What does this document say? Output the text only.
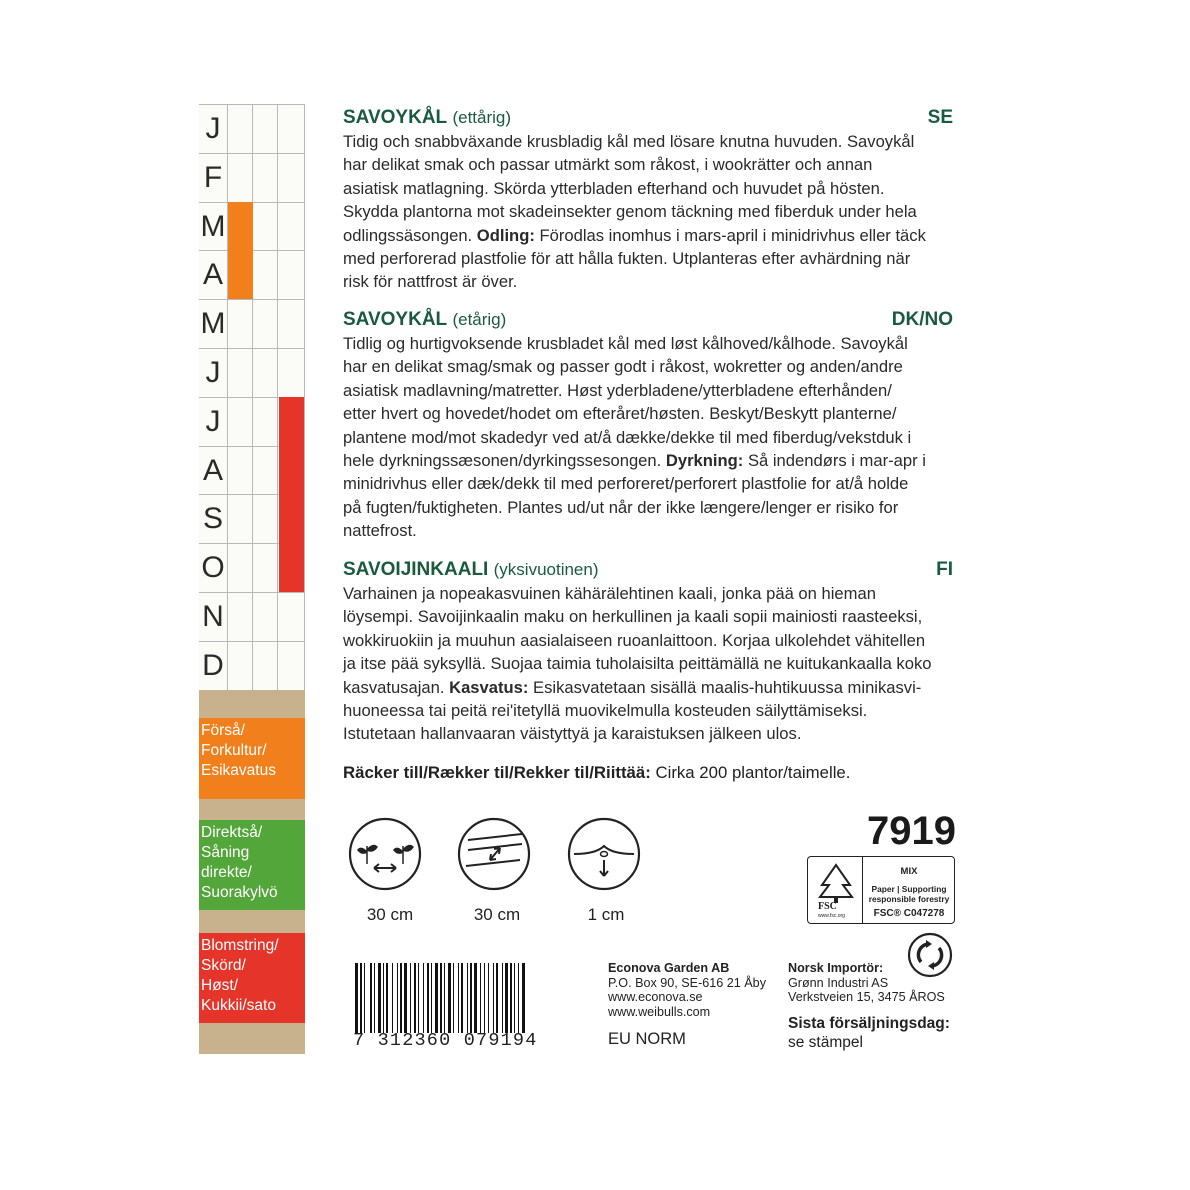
J
F
M
A
M
J
J
A
S
O
N
D
Förså/
Forkultur/
Esikavatus
Direktså/
Såning
direkte/
Suorakylvö
Blomstring/
Skörd/
Høst/
Kukkii/sato
SAVOYKÅL (ettårig)	SE
Tidig och snabbväxande krusbladig kål med lösare knutna huvuden. Savoykål
har delikat smak och passar utmärkt som råkost, i wookrätter och annan
asiatisk matlagning. Skörda ytterbladen efterhand och huvudet på hösten.
Skydda plantorna mot skadeinsekter genom täckning med fiberduk under hela
odlingssäsongen. Odling: Förodlas inomhus i mars-april i minidrivhus eller täck
med perforerad plastfolie för att hålla fukten. Utplanteras efter avhärdning när
risk för nattfrost är över.
SAVOYKÅL (etårig)	DK/NO
Tidlig og hurtigvoksende krusbladet kål med løst kålhoved/kålhode. Savoykål
har en delikat smag/smak og passer godt i råkost, wokretter og anden/andre
asiatisk madlavning/matretter. Høst yderbladene/ytterbladene efterhånden/
etter hvert og hovedet/hodet om efteråret/høsten. Beskyt/Beskytt planterne/
plantene mod/mot skadedyr ved at/å dække/dekke til med fiberdug/vekstduk i
hele dyrkningssæsonen/dyrkingssesongen. Dyrkning: Så indendørs i mar-apr i
minidrivhus eller dæk/dekk til med perforeret/perforert plastfolie for at/å holde
på fugten/fuktigheten. Plantes ud/ut når der ikke længere/lenger er risiko for
nattefrost.
SAVOIJINKAALI (yksivuotinen)	FI
Varhainen ja nopeakasvuinen kähärälehtinen kaali, jonka pää on hieman
löysempi. Savoijinkaalin maku on herkullinen ja kaali sopii mainiosti raasteeksi,
wokkiruokiin ja muuhun aasialaiseen ruoanlaittoon. Korjaa ulkolehdet vähitellen
ja itse pää syksyllä. Suojaa taimia tuholaisilta peittämällä ne kuitukankaalla koko
kasvatusajan. Kasvatus: Esikasvatetaan sisällä maalis-huhtikuussa minikasvi-
huoneessa tai peitä rei'itetyllä muovikelmulla kosteuden säilyttämiseksi.
Istutetaan hallanvaaran väistyttyä ja karaistuksen jälkeen ulos.
Räcker till/Rækker til/Rekker til/Riittää: Cirka 200 plantor/taimelle.
30 cm	30 cm	1 cm
7919
FSC
www.fsc.org
MIX
Paper | Supporting
responsible forestry
FSC® C047278
7 312360 079194
Econova Garden AB
P.O. Box 90, SE-616 21 Åby
www.econova.se
www.weibulls.com
EU NORM
Norsk Importör:
Grønn Industri AS
Verkstveien 15, 3475 ÅROS
Sista försäljningsdag:
se stämpel
